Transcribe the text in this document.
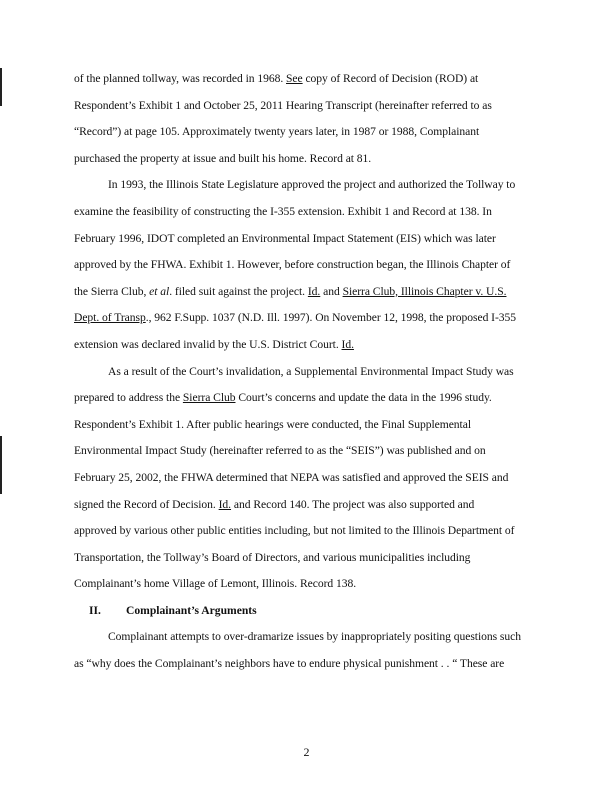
of the planned tollway, was recorded in 1968. See copy of Record of Decision (ROD) at
Respondent’s Exhibit 1 and October 25, 2011 Hearing Transcript (hereinafter referred to as
“Record”) at page 105. Approximately twenty years later, in 1987 or 1988, Complainant
purchased the property at issue and built his home. Record at 81.
In 1993, the Illinois State Legislature approved the project and authorized the Tollway to
examine the feasibility of constructing the I-355 extension. Exhibit 1 and Record at 138. In
February 1996, IDOT completed an Environmental Impact Statement (EIS) which was later
approved by the FHWA. Exhibit 1. However, before construction began, the Illinois Chapter of
the Sierra Club, et al. filed suit against the project. Id. and Sierra Club, Illinois Chapter v. U.S.
Dept. of Transp., 962 F.Supp. 1037 (N.D. Ill. 1997). On November 12, 1998, the proposed I-355
extension was declared invalid by the U.S. District Court. Id.
As a result of the Court’s invalidation, a Supplemental Environmental Impact Study was
prepared to address the Sierra Club Court’s concerns and update the data in the 1996 study.
Respondent’s Exhibit 1. After public hearings were conducted, the Final Supplemental
Environmental Impact Study (hereinafter referred to as the “SEIS”) was published and on
February 25, 2002, the FHWA determined that NEPA was satisfied and approved the SEIS and
signed the Record of Decision. Id. and Record 140. The project was also supported and
approved by various other public entities including, but not limited to the Illinois Department of
Transportation, the Tollway’s Board of Directors, and various municipalities including
Complainant’s home Village of Lemont, Illinois. Record 138.
II. Complainant’s Arguments
Complainant attempts to over-dramarize issues by inappropriately positing questions such
as “why does the Complainant’s neighbors have to endure physical punishment . . “ These are
2
